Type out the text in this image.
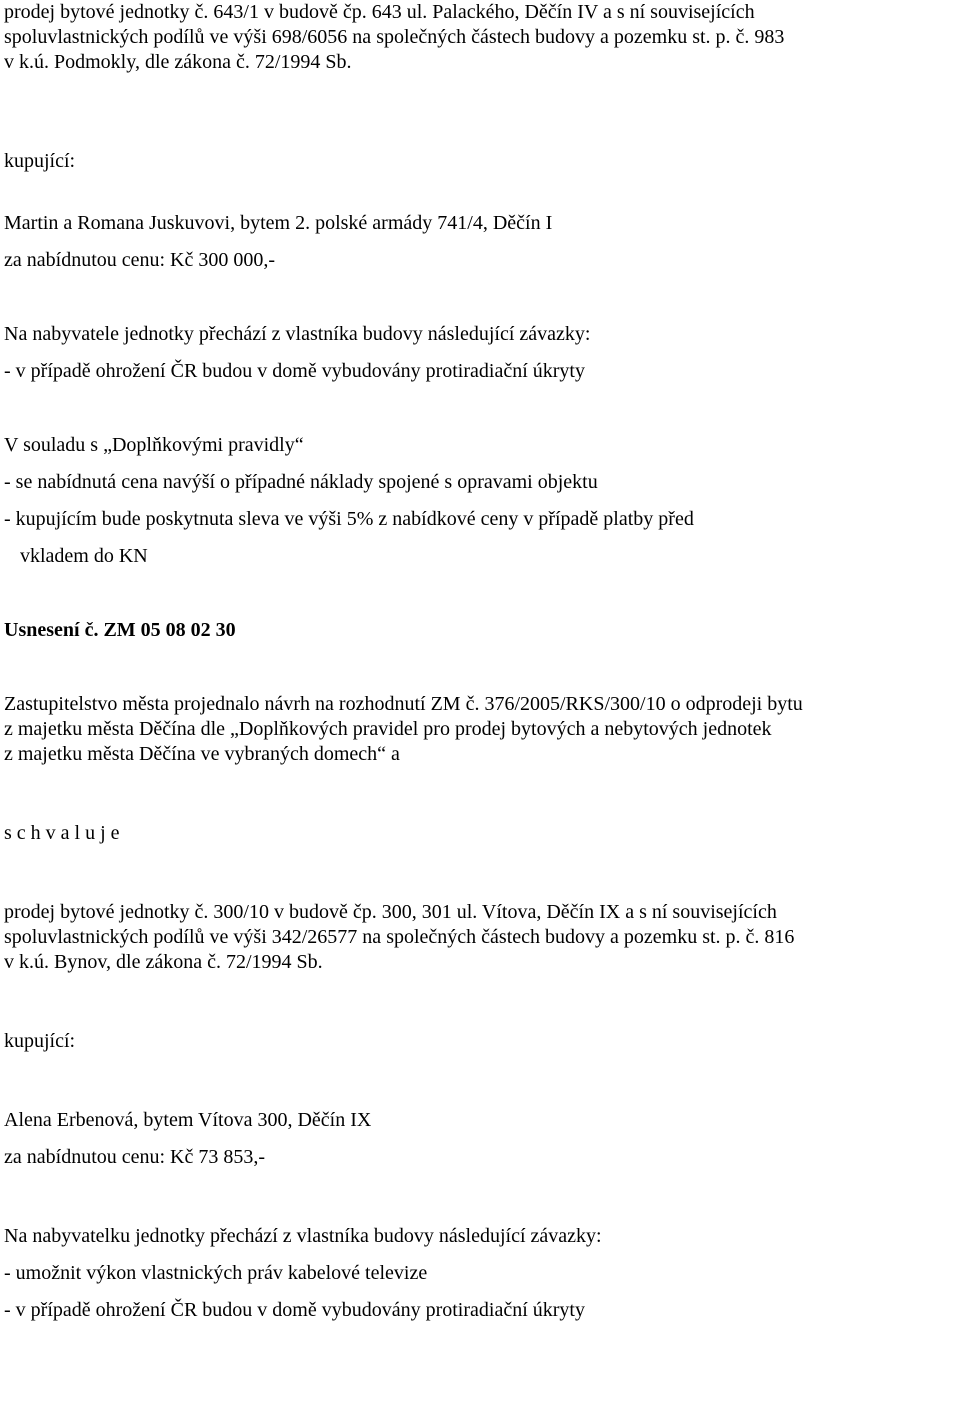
prodej bytové jednotky č. 643/1 v budově čp. 643 ul. Palackého, Děčín IV a s ní souvisejících
spoluvlastnických podílů ve výši 698/6056 na společných částech budovy a pozemku st. p. č. 983
v k.ú. Podmokly, dle zákona č. 72/1994 Sb.
kupující:
Martin a Romana Juskuvovi, bytem 2. polské armády 741/4, Děčín I
za nabídnutou cenu: Kč 300 000,-
Na nabyvatele jednotky přechází z vlastníka budovy následující závazky:
- v případě ohrožení ČR budou v domě vybudovány protiradiační úkryty
V souladu s „Doplňkovými pravidly“
- se nabídnutá cena navýší o případné náklady spojené s opravami objektu
- kupujícím bude poskytnuta sleva ve výši 5% z nabídkové ceny v případě platby před
vkladem do KN
Usnesení č. ZM 05 08 02 30
Zastupitelstvo města projednalo návrh na rozhodnutí ZM č. 376/2005/RKS/300/10 o odprodeji bytu
z majetku města Děčína dle „Doplňkových pravidel pro prodej bytových a nebytových jednotek
z majetku města Děčína ve vybraných domech“ a
s c h v a l u j e
prodej bytové jednotky č. 300/10 v budově čp. 300, 301 ul. Vítova, Děčín IX a s ní souvisejících
spoluvlastnických podílů ve výši 342/26577 na společných částech budovy a pozemku st. p. č. 816
v k.ú. Bynov, dle zákona č. 72/1994 Sb.
kupující:
Alena Erbenová, bytem Vítova 300, Děčín IX
za nabídnutou cenu: Kč 73 853,-
Na nabyvatelku jednotky přechází z vlastníka budovy následující závazky:
- umožnit výkon vlastnických práv kabelové televize
- v případě ohrožení ČR budou v domě vybudovány protiradiační úkryty
